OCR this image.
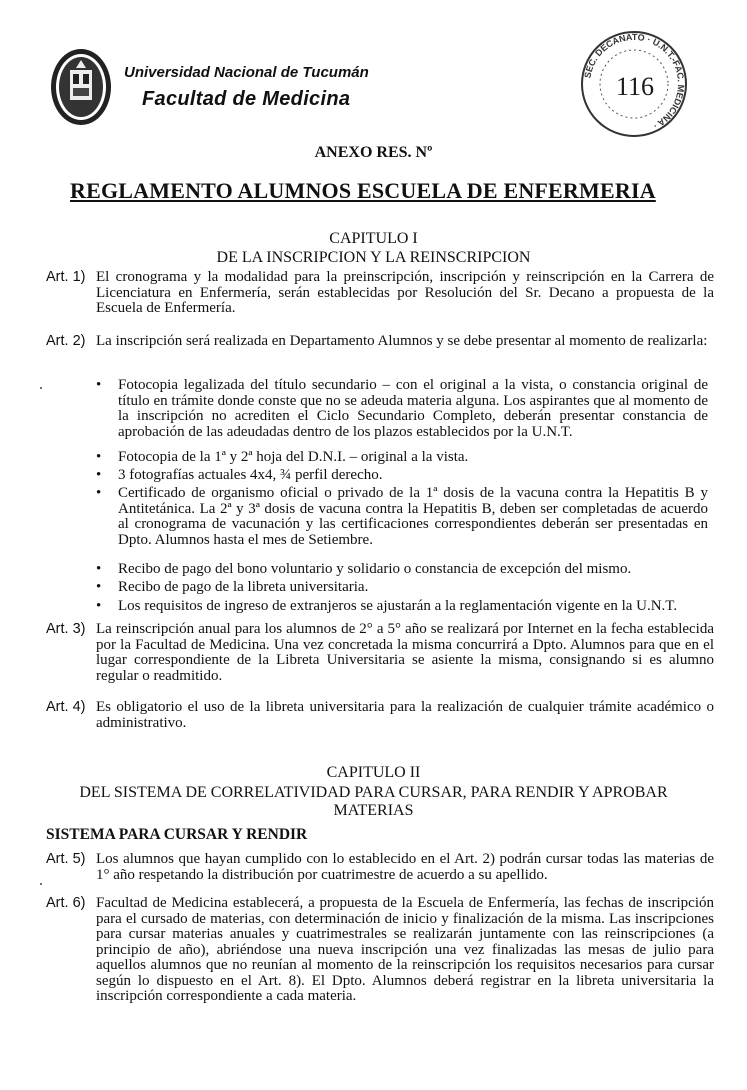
Universidad Nacional de Tucumán
Facultad de Medicina
SEC. DECANATO · U.N.T.-FAC. MEDICINA ·
116
ANEXO RES. Nº
REGLAMENTO ALUMNOS ESCUELA DE ENFERMERIA
CAPITULO I
DE LA INSCRIPCION Y LA REINSCRIPCION
Art. 1) El cronograma y la modalidad para la preinscripción, inscripción y reinscripción en la Carrera de Licenciatura en Enfermería, serán establecidas por Resolución del Sr. Decano a propuesta de la Escuela de Enfermería.
Art. 2) La inscripción será realizada en Departamento Alumnos y se debe presentar al momento de realizarla:
⸼	• Fotocopia legalizada del título secundario – con el original a la vista, o constancia original de título en trámite donde conste que no se adeuda materia alguna. Los aspirantes que al momento de la inscripción no acrediten el Ciclo Secundario Completo, deberán presentar constancia de aprobación de las adeudadas dentro de los plazos establecidos por la U.N.T.
• Fotocopia de la 1ª y 2ª hoja del D.N.I. – original a la vista.
• 3 fotografías actuales 4x4, ¾ perfil derecho.
• Certificado de organismo oficial o privado de la 1ª dosis de la vacuna contra la Hepatitis B y Antitetánica. La 2ª y 3ª dosis de vacuna contra la Hepatitis B, deben ser completadas de acuerdo al cronograma de vacunación y las certificaciones correspondientes deberán ser presentadas en Dpto. Alumnos hasta el mes de Setiembre.
• Recibo de pago del bono voluntario y solidario o constancia de excepción del mismo.
• Recibo de pago de la libreta universitaria.
• Los requisitos de ingreso de extranjeros se ajustarán a la reglamentación vigente en la U.N.T.
Art. 3) La reinscripción anual para los alumnos de 2° a 5° año se realizará por Internet en la fecha establecida por la Facultad de Medicina. Una vez concretada la misma concurrirá a Dpto. Alumnos para que en el lugar correspondiente de la Libreta Universitaria se asiente la misma, consignando si es alumno regular o readmitido.
Art. 4) Es obligatorio el uso de la libreta universitaria para la realización de cualquier trámite académico o administrativo.
CAPITULO II
DEL SISTEMA DE CORRELATIVIDAD PARA CURSAR, PARA RENDIR Y APROBAR MATERIAS
SISTEMA PARA CURSAR Y RENDIR
Art. 5) Los alumnos que hayan cumplido con lo establecido en el Art. 2) podrán cursar todas las materias de 1° año respetando la distribución por cuatrimestre de acuerdo a su apellido.
⸼
Art. 6) Facultad de Medicina establecerá, a propuesta de la Escuela de Enfermería, las fechas de inscripción para el cursado de materias, con determinación de inicio y finalización de la misma. Las inscripciones para cursar materias anuales y cuatrimestrales se realizarán juntamente con las reinscripciones (a principio de año), abriéndose una nueva inscripción una vez finalizadas las mesas de julio para aquellos alumnos que no reunían al momento de la reinscripción los requisitos necesarios para cursar según lo dispuesto en el Art. 8). El Dpto. Alumnos deberá registrar en la libreta universitaria la inscripción correspondiente a cada materia.
